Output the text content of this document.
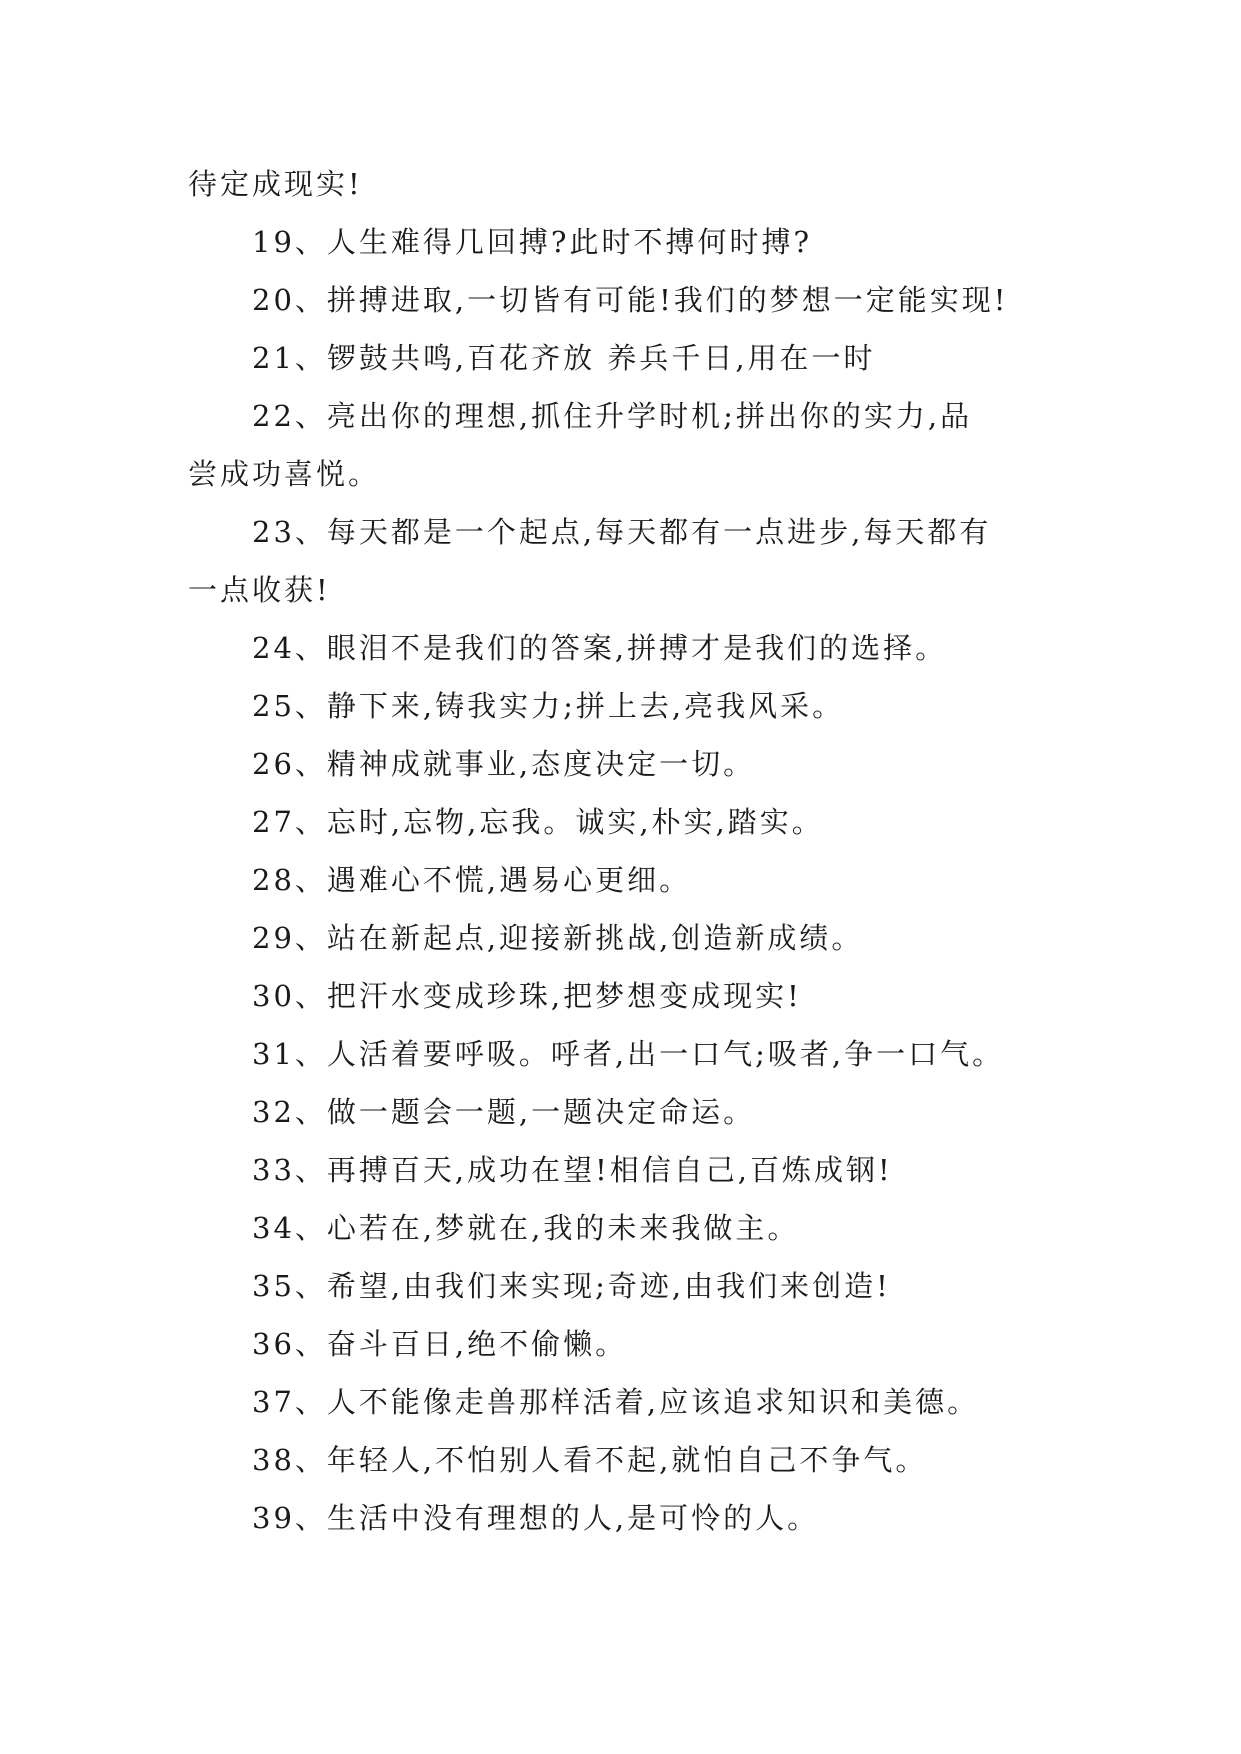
待定成现实!
19、人生难得几回搏?此时不搏何时搏?
20、拼搏进取,一切皆有可能!我们的梦想一定能实现!
21、锣鼓共鸣,百花齐放 养兵千日,用在一时
22、亮出你的理想,抓住升学时机;拼出你的实力,品
尝成功喜悦。
23、每天都是一个起点,每天都有一点进步,每天都有
一点收获!
24、眼泪不是我们的答案,拼搏才是我们的选择。
25、静下来,铸我实力;拼上去,亮我风采。
26、精神成就事业,态度决定一切。
27、忘时,忘物,忘我。诚实,朴实,踏实。
28、遇难心不慌,遇易心更细。
29、站在新起点,迎接新挑战,创造新成绩。
30、把汗水变成珍珠,把梦想变成现实!
31、人活着要呼吸。呼者,出一口气;吸者,争一口气。
32、做一题会一题,一题决定命运。
33、再搏百天,成功在望!相信自己,百炼成钢!
34、心若在,梦就在,我的未来我做主。
35、希望,由我们来实现;奇迹,由我们来创造!
36、奋斗百日,绝不偷懒。
37、人不能像走兽那样活着,应该追求知识和美德。
38、年轻人,不怕别人看不起,就怕自己不争气。
39、生活中没有理想的人,是可怜的人。
